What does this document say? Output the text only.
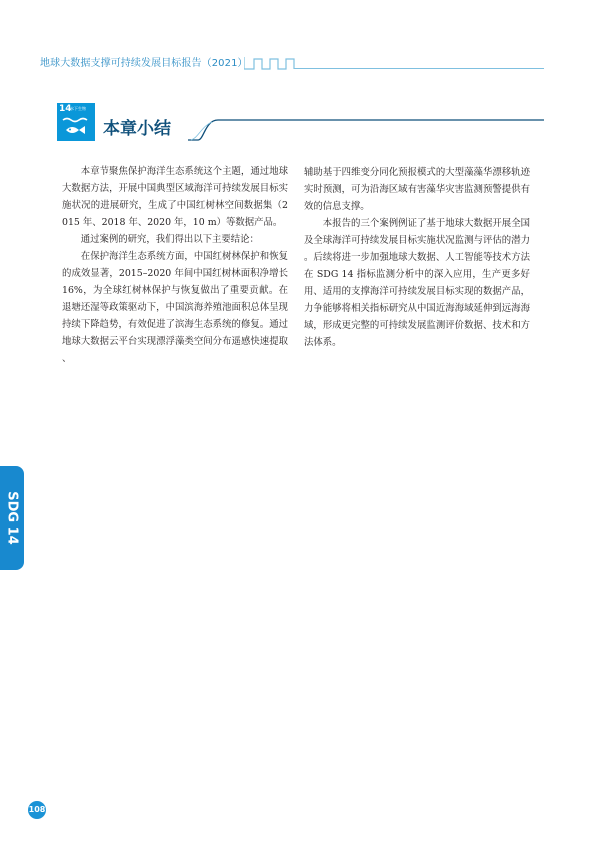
地球大数据支撑可持续发展目标报告（2021）
14
水下生物
本章小结

本章节聚焦保护海洋生态系统这个主题，通过地球大数据方法，开展中国典型区域海洋可持续发展目标实施状况的进展研究，生成了中国红树林空间数据集（2015 年、2018 年、2020 年，10 m）等数据产品。

通过案例的研究，我们得出以下主要结论：

在保护海洋生态系统方面，中国红树林保护和恢复的成效显著，2015–2020 年间中国红树林面积净增长 16%，为全球红树林保护与恢复做出了重要贡献。在退塘还湿等政策驱动下，中国滨海养殖池面积总体呈现持续下降趋势，有效促进了滨海生态系统的修复。通过地球大数据云平台实现漂浮藻类空间分布遥感快速提取、

辅助基于四维变分同化预报模式的大型藻藻华漂移轨迹实时预测，可为沿海区域有害藻华灾害监测预警提供有效的信息支撑。

本报告的三个案例例证了基于地球大数据开展全国及全球海洋可持续发展目标实施状况监测与评估的潜力。后续将进一步加强地球大数据、人工智能等技术方法在 SDG 14 指标监测分析中的深入应用，生产更多好用、适用的支撑海洋可持续发展目标实现的数据产品，力争能够将相关指标研究从中国近海海域延伸到远海海域，形成更完整的可持续发展监测评价数据、技术和方法体系。

SDG 14
108
